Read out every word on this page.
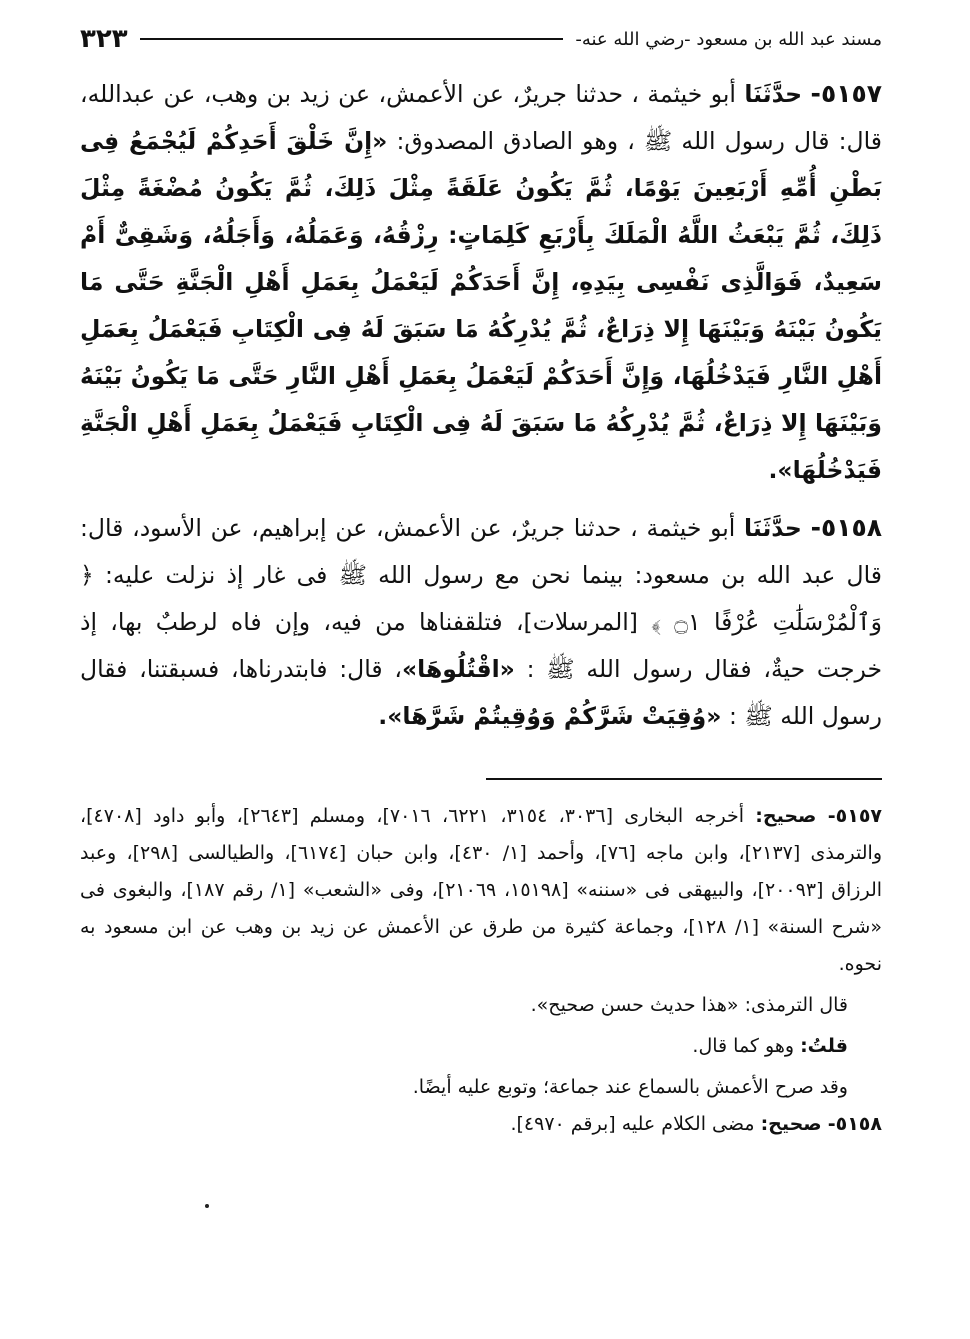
مسند عبد الله بن مسعود -رضي الله عنه-
٣٢٣

٥١٥٧- حدَّثَنَا أبو خيثمة ، حدثنا جريرٌ، عن الأعمش، عن زيد بن وهب، عن عبدالله، قال: قال رسول الله ﷺ ، وهو الصادق المصدوق: «إِنَّ خَلْقَ أَحَدِكُمْ لَيُجْمَعُ فِى بَطْنِ أُمِّهِ أَرْبَعِينَ يَوْمًا، ثُمَّ يَكُونُ عَلَقَةً مِثْلَ ذَلِكَ، ثُمَّ يَكُونُ مُضْغَةً مِثْلَ ذَلِكَ، ثُمَّ يَبْعَثُ اللَّهُ الْمَلَكَ بِأَرْبَعِ كَلِمَاتٍ: رِزْقُهُ، وَعَمَلُهُ، وَأَجَلُهُ، وَشَقِىٌّ أَمْ سَعِيدٌ، فَوَالَّذِى نَفْسِى بِيَدِهِ، إِنَّ أَحَدَكُمْ لَيَعْمَلُ بِعَمَلِ أَهْلِ الْجَنَّةِ حَتَّى مَا يَكُونُ بَيْنَهُ وَبَيْنَهَا إِلا ذِرَاعٌ، ثُمَّ يُدْرِكُهُ مَا سَبَقَ لَهُ فِى الْكِتَابِ فَيَعْمَلُ بِعَمَلِ أَهْلِ النَّارِ فَيَدْخُلُهَا، وَإِنَّ أَحَدَكُمْ لَيَعْمَلُ بِعَمَلِ أَهْلِ النَّارِ حَتَّى مَا يَكُونُ بَيْنَهُ وَبَيْنَهَا إِلا ذِرَاعٌ، ثُمَّ يُدْرِكُهُ مَا سَبَقَ لَهُ فِى الْكِتَابِ فَيَعْمَلُ بِعَمَلِ أَهْلِ الْجَنَّةِ فَيَدْخُلُهَا».

٥١٥٨- حدَّثَنَا أبو خيثمة ، حدثنا جريرٌ، عن الأعمش، عن إبراهيم، عن الأسود، قال: قال عبد الله بن مسعود: بينما نحن مع رسول الله ﷺ فى غار إذ نزلت عليه: ﴿ وَٱلْمُرْسَلَٰتِ عُرْفًا ۝١ ﴾ [المرسلات]، فتلقفناها من فيه، وإن فاه لرطبٌ بها، إذ خرجت حيةٌ، فقال رسول الله ﷺ : «اقْتُلُوهَا»، قال: فابتدرناها، فسبقتنا، فقال رسول الله ﷺ : «وُقِيَتْ شَرَّكُمْ وَوُقِيتُمْ شَرَّهَا».

٥١٥٧- صحيح: أخرجه البخارى [٣٠٣٦، ٣١٥٤، ٦٢٢١، ٧٠١٦]، ومسلم [٢٦٤٣]، وأبو داود [٤٧٠٨]، والترمذى [٢١٣٧]، وابن ماجه [٧٦]، وأحمد [١/ ٤٣٠]، وابن حبان [٦١٧٤]، والطيالسى [٢٩٨]، وعبد الرزاق [٢٠٠٩٣]، والبيهقى فى «سننه» [١٥١٩٨، ٢١٠٦٩]، وفى «الشعب» [١/ رقم ١٨٧]، والبغوى فى «شرح السنة» [١/ ١٢٨]، وجماعة كثيرة من طرق عن الأعمش عن زيد بن وهب عن ابن مسعود به نحوه.

قال الترمذى: «هذا حديث حسن صحيح».

قلتُ: وهو كما قال.

وقد صرح الأعمش بالسماع عند جماعة؛ وتوبع عليه أيضًا.

٥١٥٨- صحيح: مضى الكلام عليه [برقم ٤٩٧٠].
